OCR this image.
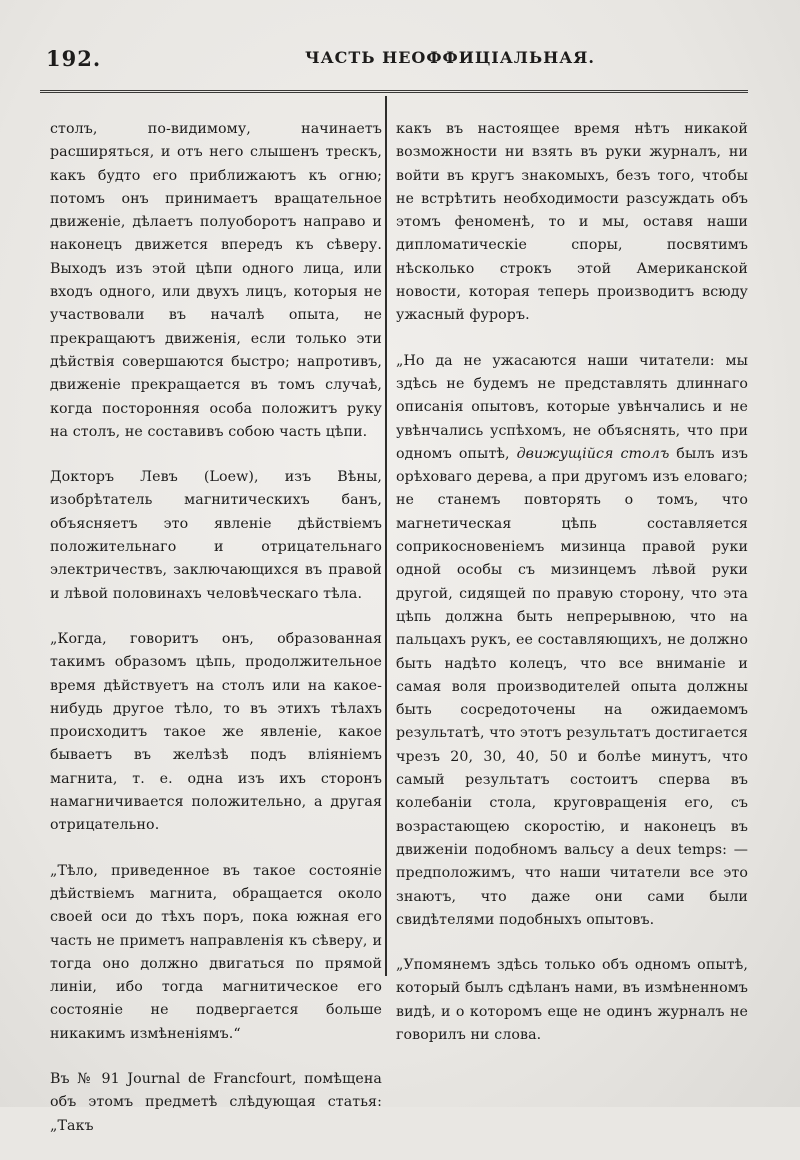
192.	ЧАСТЬ НЕОФФИЦІАЛЬНАЯ.

столъ, по-видимому, начинаетъ расширяться, и отъ него слышенъ трескъ, какъ будто его приближаютъ къ огню; потомъ онъ принимаетъ вращательное движеніе, дѣлаетъ полуоборотъ направо и наконецъ движется впередъ къ сѣверу. Выходъ изъ этой цѣпи одного лица, или входъ одного, или двухъ лицъ, которыя не участвовали въ началѣ опыта, не прекращаютъ движенія, если только эти дѣйствія совершаются быстро; напротивъ, движеніе прекращается въ томъ случаѣ, когда посторонняя особа положитъ руку на столъ, не составивъ собою часть цѣпи.

Докторъ Левъ (Loew), изъ Вѣны, изобрѣтатель магнитическихъ банъ, объясняетъ это явленіе дѣйствіемъ положительнаго и отрицательнаго электричествъ, заключающихся въ правой и лѣвой половинахъ человѣческаго тѣла.

„Когда, говоритъ онъ, образованная такимъ образомъ цѣпь, продолжительное время дѣйствуетъ на столъ или на какое-нибудь другое тѣло, то въ этихъ тѣлахъ происходитъ такое же явленіе, какое бываетъ въ желѣзѣ подъ вліяніемъ магнита, т. е. одна изъ ихъ сторонъ намагничивается положительно, а другая отрицательно.

„Тѣло, приведенное въ такое состояніе дѣйствіемъ магнита, обращается около своей оси до тѣхъ поръ, пока южная его часть не приметъ направленія къ сѣверу, и тогда оно должно двигаться по прямой линіи, ибо тогда магнитическое его состояніе не подвергается больше никакимъ измѣненіямъ.“

Въ № 91 Journal de Francfourt, помѣщена объ этомъ предметѣ слѣдующая статья: „Такъ

какъ въ настоящее время нѣтъ никакой возможности ни взять въ руки журналъ, ни войти въ кругъ знакомыхъ, безъ того, чтобы не встрѣтить необходимости разсуждать объ этомъ феноменѣ, то и мы, оставя наши дипломатическіе споры, посвятимъ нѣсколько строкъ этой Американской новости, которая теперь производитъ всюду ужасный фуроръ.

„Но да не ужасаются наши читатели: мы здѣсь не будемъ не представлять длиннаго описанія опытовъ, которые увѣнчались и не увѣнчались успѣхомъ, не объяснять, что при одномъ опытѣ, движущійся столъ былъ изъ орѣховаго дерева, а при другомъ изъ еловаго; не станемъ повторять о томъ, что магнетическая цѣпь составляется соприкосновеніемъ мизинца правой руки одной особы съ мизинцемъ лѣвой руки другой, сидящей по правую сторону, что эта цѣпь должна быть непрерывною, что на пальцахъ рукъ, ее составляющихъ, не должно быть надѣто колецъ, что все вниманіе и самая воля производителей опыта должны быть сосредоточены на ожидаемомъ результатѣ, что этотъ результатъ достигается чрезъ 20, 30, 40, 50 и болѣе минутъ, что самый результатъ состоитъ сперва въ колебаніи стола, круговращенія его, съ возрастающею скоростію, и наконецъ въ движеніи подобномъ вальсу a deux temps: — предположимъ, что наши читатели все это знаютъ, что даже они сами были свидѣтелями подобныхъ опытовъ.

„Упомянемъ здѣсь только объ одномъ опытѣ, который былъ сдѣланъ нами, въ измѣненномъ видѣ, и о которомъ еще не одинъ журналъ не говорилъ ни слова.
